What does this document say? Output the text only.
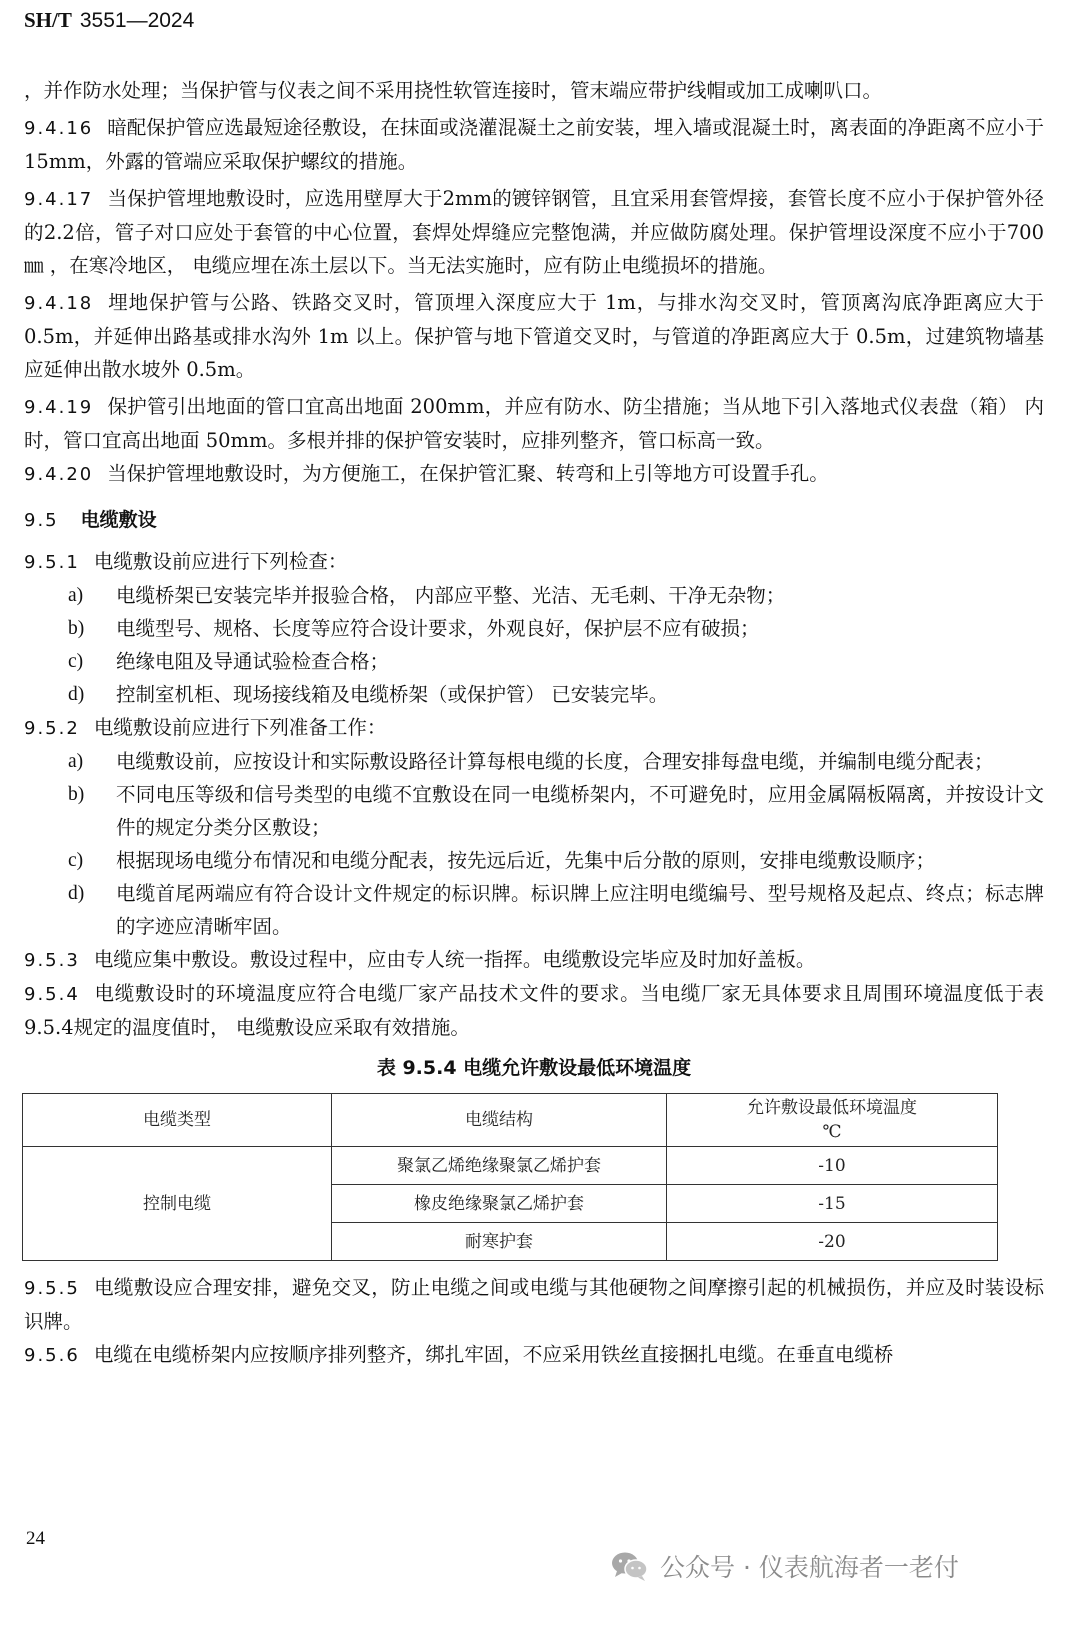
SH/T 3551—2024

，并作防水处理；当保护管与仪表之间不采用挠性软管连接时，管末端应带护线帽或加工成喇叭口。

9.4.16 暗配保护管应选最短途径敷设，在抹面或浇灌混凝土之前安装，埋入墙或混凝土时，离表面的净距离不应小于15mm，外露的管端应采取保护螺纹的措施。

9.4.17 当保护管埋地敷设时，应选用壁厚大于2mm的镀锌钢管，且宜采用套管焊接，套管长度不应小于保护管外径的2.2倍，管子对口应处于套管的中心位置，套焊处焊缝应完整饱满，并应做防腐处理。保护管埋设深度不应小于700㎜ ，在寒冷地区， 电缆应埋在冻土层以下。当无法实施时，应有防止电缆损坏的措施。

9.4.18 埋地保护管与公路、铁路交叉时，管顶埋入深度应大于 1m，与排水沟交叉时，管顶离沟底净距离应大于 0.5m，并延伸出路基或排水沟外 1m 以上。保护管与地下管道交叉时，与管道的净距离应大于 0.5m，过建筑物墙基应延伸出散水坡外 0.5m。

9.4.19 保护管引出地面的管口宜高出地面 200mm，并应有防水、防尘措施；当从地下引入落地式仪表盘（箱） 内时，管口宜高出地面 50mm。多根并排的保护管安装时，应排列整齐，管口标高一致。

9.4.20 当保护管埋地敷设时，为方便施工，在保护管汇聚、转弯和上引等地方可设置手孔。

9.5 电缆敷设

9.5.1 电缆敷设前应进行下列检查：

a) 电缆桥架已安装完毕并报验合格， 内部应平整、光洁、无毛刺、干净无杂物；

b) 电缆型号、规格、长度等应符合设计要求，外观良好，保护层不应有破损；

c) 绝缘电阻及导通试验检查合格；

d) 控制室机柜、现场接线箱及电缆桥架（或保护管） 已安装完毕。

9.5.2 电缆敷设前应进行下列准备工作：

a) 电缆敷设前，应按设计和实际敷设路径计算每根电缆的长度，合理安排每盘电缆，并编制电缆分配表；

b) 不同电压等级和信号类型的电缆不宜敷设在同一电缆桥架内，不可避免时，应用金属隔板隔离，并按设计文件的规定分类分区敷设；

c) 根据现场电缆分布情况和电缆分配表，按先远后近，先集中后分散的原则，安排电缆敷设顺序；

d) 电缆首尾两端应有符合设计文件规定的标识牌。标识牌上应注明电缆编号、型号规格及起点、终点；标志牌的字迹应清晰牢固。

9.5.3 电缆应集中敷设。敷设过程中，应由专人统一指挥。电缆敷设完毕应及时加好盖板。

9.5.4 电缆敷设时的环境温度应符合电缆厂家产品技术文件的要求。当电缆厂家无具体要求且周围环境温度低于表9.5.4规定的温度值时， 电缆敷设应采取有效措施。

表 9.5.4 电缆允许敷设最低环境温度
电缆类型	电缆结构	允许敷设最低环境温度
℃

控制电缆	聚氯乙烯绝缘聚氯乙烯护套	-10
	橡皮绝缘聚氯乙烯护套	-15
	耐寒护套	-20

9.5.5 电缆敷设应合理安排，避免交叉，防止电缆之间或电缆与其他硬物之间摩擦引起的机械损伤，并应及时装设标识牌。

9.5.6 电缆在电缆桥架内应按顺序排列整齐，绑扎牢固，不应采用铁丝直接捆扎电缆。在垂直电缆桥

24
公众号 · 仪表航海者一老付
